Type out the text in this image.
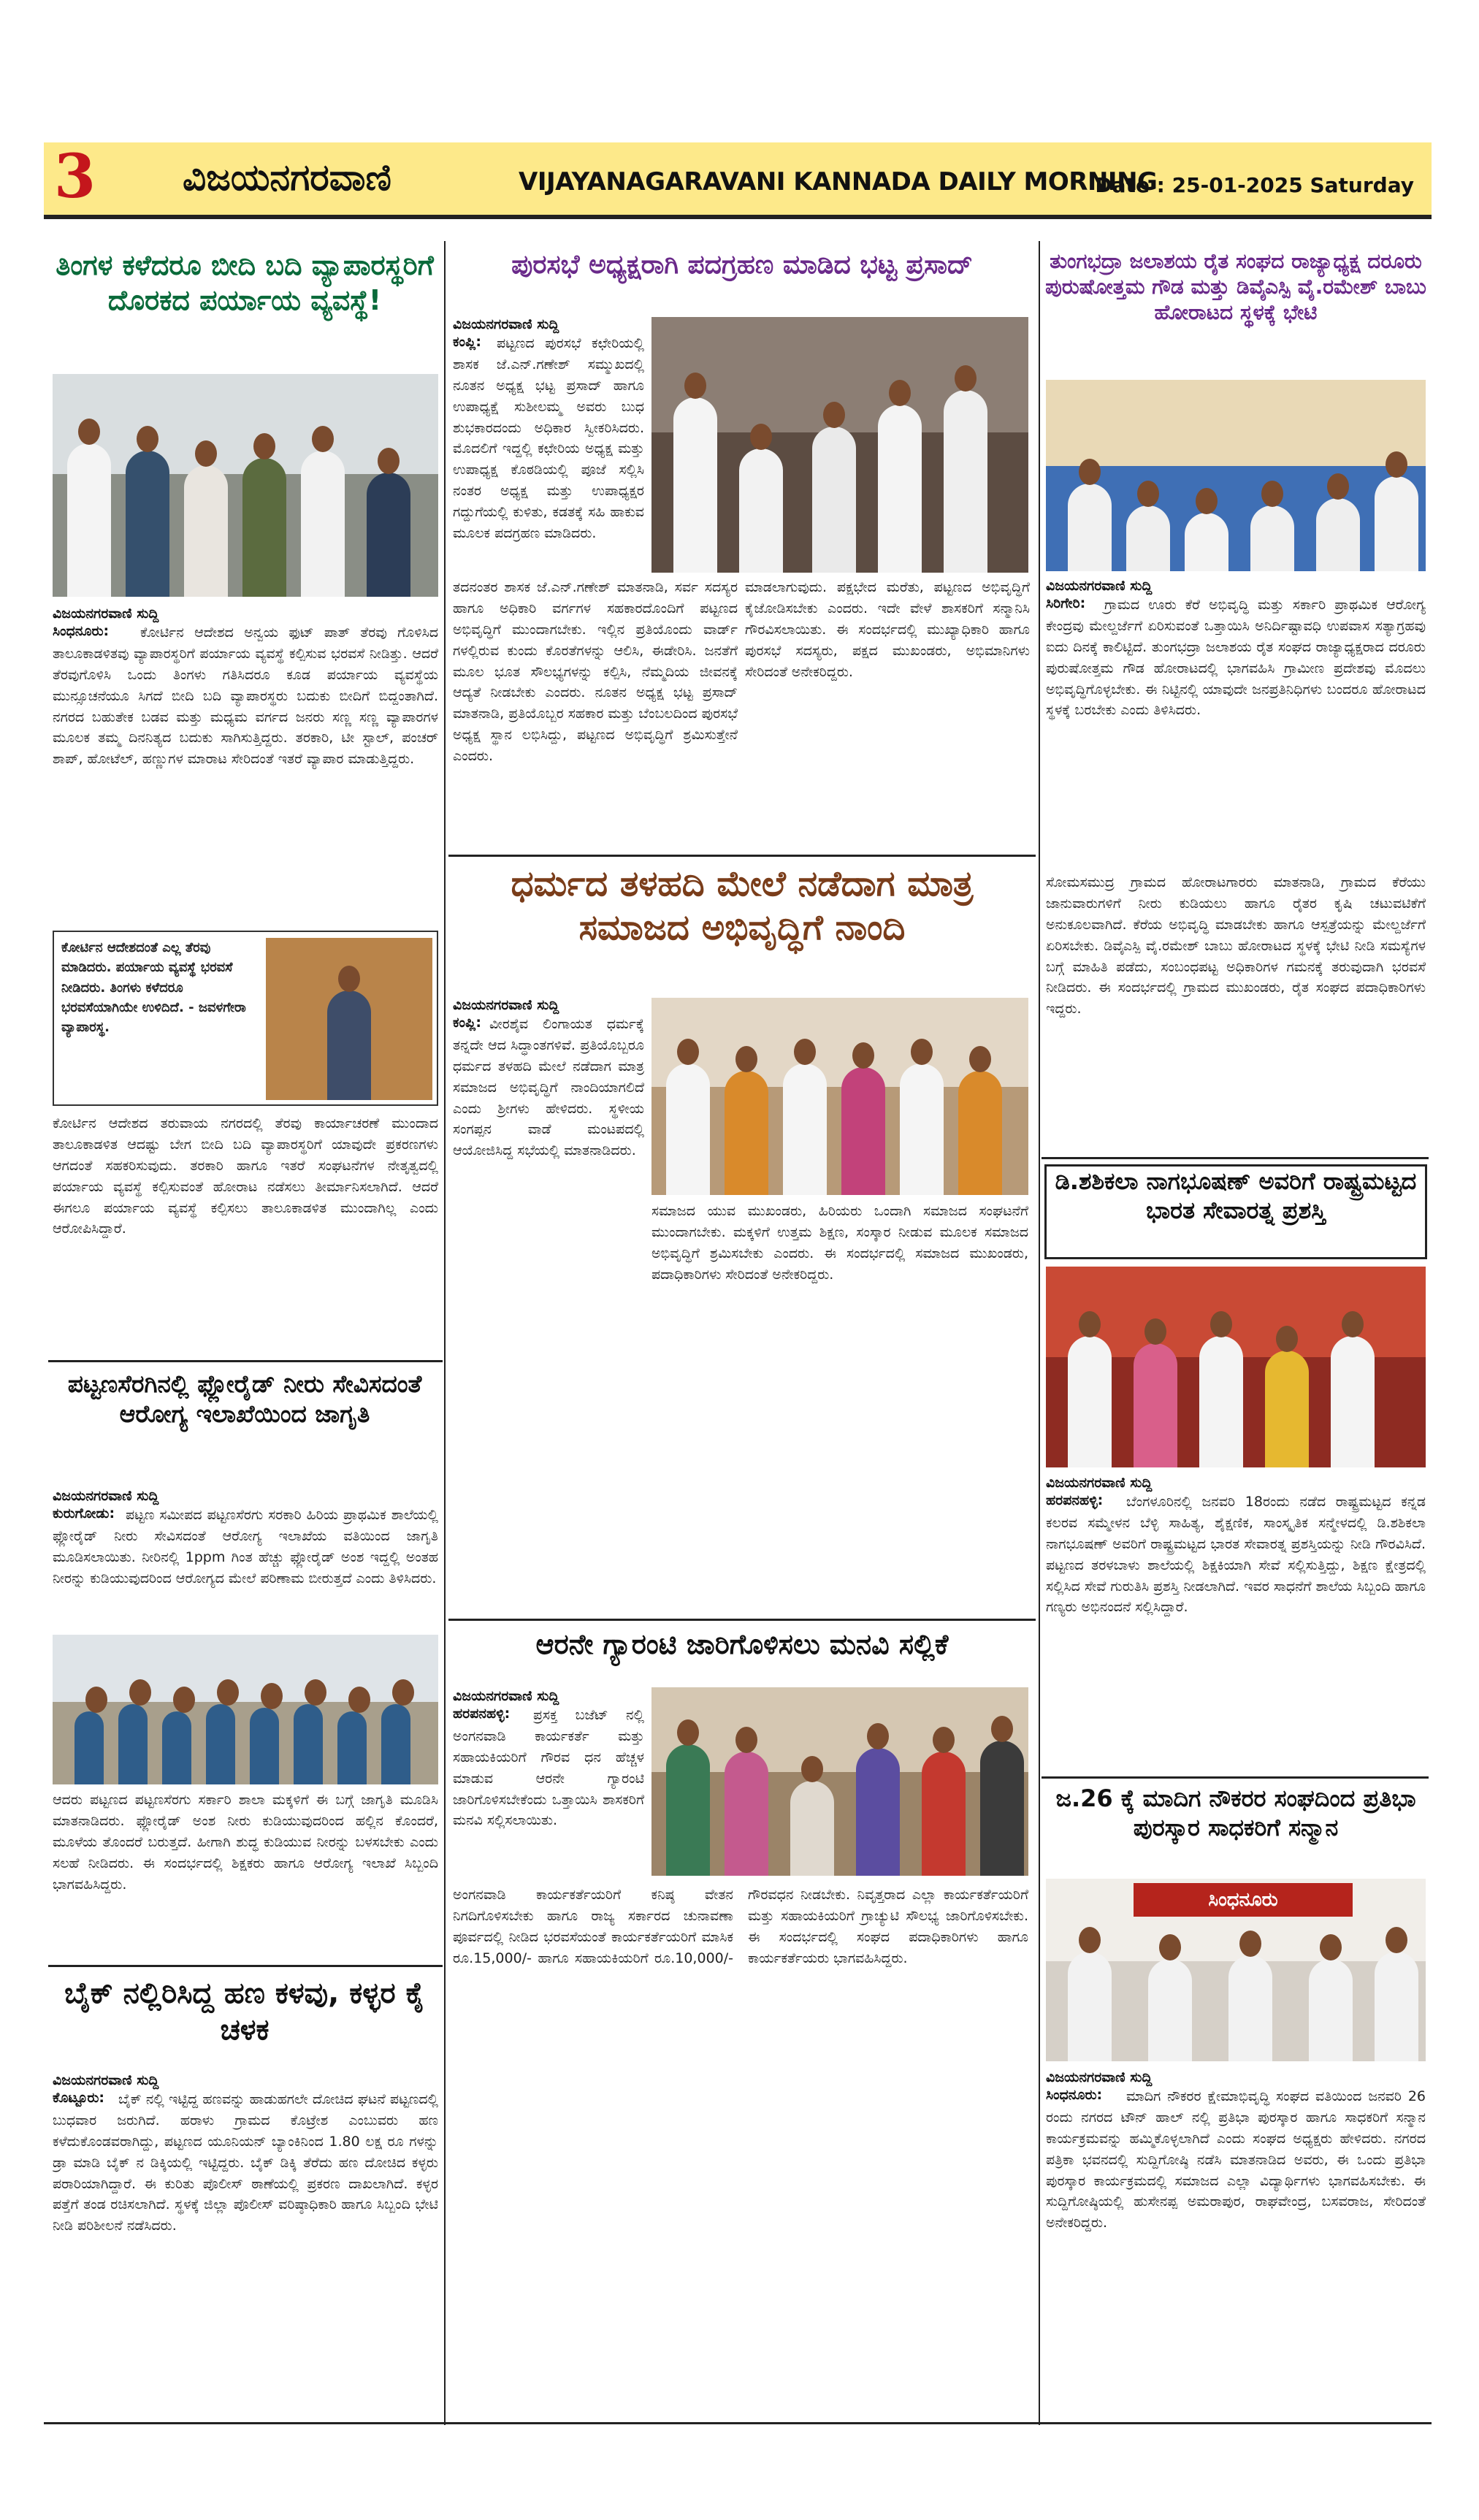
3 ವಿಜಯನಗರವಾಣಿ	VIJAYANAGARAVANI KANNADA DAILY MORNING
Date : 25-01-2025 Saturday
ತಿಂಗಳ ಕಳೆದರೂ ಬೀದಿ ಬದಿ ವ್ಯಾಪಾರಸ್ಥರಿಗೆ ದೊರಕದ ಪರ್ಯಾಯ ವ್ಯವಸ್ಥೆ!
ವಿಜಯನಗರವಾಣಿ ಸುದ್ದಿ
ಸಿಂಧನೂರು:	ಕೋರ್ಟಿನ ಆದೇಶದ ಅನ್ವಯ ಫುಟ್ ಪಾತ್ ತೆರವು ಗೊಳಿಸಿದ ತಾಲೂಕಾಡಳಿತವು ವ್ಯಾಪಾರಸ್ಥರಿಗೆ ಪರ್ಯಾಯ ವ್ಯವಸ್ಥೆ ಕಲ್ಪಿಸುವ ಭರವಸೆ ನೀಡಿತ್ತು. ಆದರೆ ತೆರವುಗೊಳಿಸಿ ಒಂದು ತಿಂಗಳು ಗತಿಸಿದರೂ ಕೂಡ ಪರ್ಯಾಯ ವ್ಯವಸ್ಥೆಯ ಮುನ್ಸೂಚನೆಯೂ ಸಿಗದೆ ಬೀದಿ ಬದಿ ವ್ಯಾಪಾರಸ್ಥರು ಬದುಕು ಬೀದಿಗೆ ಬಿದ್ದಂತಾಗಿದೆ. ನಗರದ ಬಹುತೇಕ ಬಡವ ಮತ್ತು ಮಧ್ಯಮ ವರ್ಗದ ಜನರು ಸಣ್ಣ ಸಣ್ಣ ವ್ಯಾಪಾರಗಳ ಮೂಲಕ ತಮ್ಮ ದಿನನಿತ್ಯದ ಬದುಕು ಸಾಗಿಸುತ್ತಿದ್ದರು. ತರಕಾರಿ, ಟೀ ಸ್ಟಾಲ್, ಪಂಚರ್ ಶಾಪ್, ಹೋಟೆಲ್, ಹಣ್ಣುಗಳ ಮಾರಾಟ ಸೇರಿದಂತೆ ಇತರೆ ವ್ಯಾಪಾರ ಮಾಡುತ್ತಿದ್ದರು.
ಕೋರ್ಟಿನ ಆದೇಶದಂತೆ ಎಲ್ಲ ತೆರವು ಮಾಡಿದರು. ಪರ್ಯಾಯ ವ್ಯವಸ್ಥೆ ಭರವಸೆ ನೀಡಿದರು. ತಿಂಗಳು ಕಳೆದರೂ ಭರವಸೆಯಾಗಿಯೇ ಉಳಿದಿದೆ. - ಜವಳಗೇರಾ ವ್ಯಾಪಾರಸ್ಥ.
ಕೋರ್ಟಿನ ಆದೇಶದ ತರುವಾಯ ನಗರದಲ್ಲಿ ತೆರವು ಕಾರ್ಯಾಚರಣೆ ಮುಂದಾದ ತಾಲೂಕಾಡಳಿತ ಆದಷ್ಟು ಬೇಗ ಬೀದಿ ಬದಿ ವ್ಯಾಪಾರಸ್ಥರಿಗೆ ಯಾವುದೇ ಪ್ರಕರಣಗಳು ಆಗದಂತೆ ಸಹಕರಿಸುವುದು. ತರಕಾರಿ ಹಾಗೂ ಇತರೆ ಸಂಘಟನೆಗಳ ನೇತೃತ್ವದಲ್ಲಿ ಪರ್ಯಾಯ ವ್ಯವಸ್ಥೆ ಕಲ್ಪಿಸುವಂತೆ ಹೋರಾಟ ನಡೆಸಲು ತೀರ್ಮಾನಿಸಲಾಗಿದೆ. ಆದರೆ ಈಗಲೂ ಪರ್ಯಾಯ ವ್ಯವಸ್ಥೆ ಕಲ್ಪಿಸಲು ತಾಲೂಕಾಡಳಿತ ಮುಂದಾಗಿಲ್ಲ ಎಂದು ಆರೋಪಿಸಿದ್ದಾರೆ.
ಪಟ್ಟಣಸೆರಗಿನಲ್ಲಿ ಫ್ಲೋರೈಡ್ ನೀರು ಸೇವಿಸದಂತೆ ಆರೋಗ್ಯ ಇಲಾಖೆಯಿಂದ ಜಾಗೃತಿ
ವಿಜಯನಗರವಾಣಿ ಸುದ್ದಿ
ಕುರುಗೋಡು: ಪಟ್ಟಣ ಸಮೀಪದ ಪಟ್ಟಣಸೆರಗು ಸರಕಾರಿ ಹಿರಿಯ ಪ್ರಾಥಮಿಕ ಶಾಲೆಯಲ್ಲಿ ಫ್ಲೋರೈಡ್ ನೀರು ಸೇವಿಸದಂತೆ ಆರೋಗ್ಯ ಇಲಾಖೆಯ ವತಿಯಿಂದ ಜಾಗೃತಿ ಮೂಡಿಸಲಾಯಿತು. ನೀರಿನಲ್ಲಿ 1ppm ಗಿಂತ ಹೆಚ್ಚು ಫ್ಲೋರೈಡ್ ಅಂಶ ಇದ್ದಲ್ಲಿ ಅಂತಹ ನೀರನ್ನು ಕುಡಿಯುವುದರಿಂದ ಆರೋಗ್ಯದ ಮೇಲೆ ಪರಿಣಾಮ ಬೀರುತ್ತದೆ ಎಂದು ತಿಳಿಸಿದರು.
ಆದರು ಪಟ್ಟಣದ ಪಟ್ಟಣಸೆರಗು ಸರ್ಕಾರಿ ಶಾಲಾ ಮಕ್ಕಳಿಗೆ ಈ ಬಗ್ಗೆ ಜಾಗೃತಿ ಮೂಡಿಸಿ ಮಾತನಾಡಿದರು. ಫ್ಲೋರೈಡ್ ಅಂಶ ನೀರು ಕುಡಿಯುವುದರಿಂದ ಹಲ್ಲಿನ ಕೊಂದರೆ, ಮೂಳೆಯ ತೊಂದರೆ ಬರುತ್ತದೆ. ಹೀಗಾಗಿ ಶುದ್ಧ ಕುಡಿಯುವ ನೀರನ್ನು ಬಳಸಬೇಕು ಎಂದು ಸಲಹೆ ನೀಡಿದರು. ಈ ಸಂದರ್ಭದಲ್ಲಿ ಶಿಕ್ಷಕರು ಹಾಗೂ ಆರೋಗ್ಯ ಇಲಾಖೆ ಸಿಬ್ಬಂದಿ ಭಾಗವಹಿಸಿದ್ದರು.
ಬೈಕ್ ನಲ್ಲಿರಿಸಿದ್ದ ಹಣ ಕಳವು, ಕಳ್ಳರ ಕೈ ಚಳಕ
ವಿಜಯನಗರವಾಣಿ ಸುದ್ದಿ
ಕೊಟ್ಟೂರು: ಬೈಕ್ ನಲ್ಲಿ ಇಟ್ಟಿದ್ದ ಹಣವನ್ನು ಹಾಡುಹಗಲೇ ದೋಚಿದ ಘಟನೆ ಪಟ್ಟಣದಲ್ಲಿ ಬುಧವಾರ ಜರುಗಿದೆ. ಹರಾಳು ಗ್ರಾಮದ ಕೊಟ್ರೇಶ ಎಂಬುವರು ಹಣ ಕಳೆದುಕೊಂಡವರಾಗಿದ್ದು, ಪಟ್ಟಣದ ಯೂನಿಯನ್ ಬ್ಯಾಂಕಿನಿಂದ 1.80 ಲಕ್ಷ ರೂ ಗಳನ್ನು ಡ್ರಾ ಮಾಡಿ ಬೈಕ್ ನ ಡಿಕ್ಕಿಯಲ್ಲಿ ಇಟ್ಟಿದ್ದರು. ಬೈಕ್ ಡಿಕ್ಕಿ ತೆರೆದು ಹಣ ದೋಚಿದ ಕಳ್ಳರು ಪರಾರಿಯಾಗಿದ್ದಾರೆ. ಈ ಕುರಿತು ಪೊಲೀಸ್ ಠಾಣೆಯಲ್ಲಿ ಪ್ರಕರಣ ದಾಖಲಾಗಿದೆ. ಕಳ್ಳರ ಪತ್ತೆಗೆ ತಂಡ ರಚಿಸಲಾಗಿದೆ. ಸ್ಥಳಕ್ಕೆ ಜಿಲ್ಲಾ ಪೊಲೀಸ್ ವರಿಷ್ಠಾಧಿಕಾರಿ ಹಾಗೂ ಸಿಬ್ಬಂದಿ ಭೇಟಿ ನೀಡಿ ಪರಿಶೀಲನೆ ನಡೆಸಿದರು.
ಪುರಸಭೆ ಅಧ್ಯಕ್ಷರಾಗಿ ಪದಗ್ರಹಣ ಮಾಡಿದ ಭಟ್ಟ ಪ್ರಸಾದ್
ವಿಜಯನಗರವಾಣಿ ಸುದ್ದಿ
ಕಂಪ್ಲಿ:	ಪಟ್ಟಣದ ಪುರಸಭೆ ಕಛೇರಿಯಲ್ಲಿ ಶಾಸಕ ಜೆ.ಎನ್.ಗಣೇಶ್ ಸಮ್ಮುಖದಲ್ಲಿ ನೂತನ ಅಧ್ಯಕ್ಷ ಭಟ್ಟ ಪ್ರಸಾದ್ ಹಾಗೂ ಉಪಾಧ್ಯಕ್ಷೆ ಸುಶೀಲಮ್ಮ ಅವರು ಬುಧ ಶುಭಕಾರದಂದು ಅಧಿಕಾರ ಸ್ವೀಕರಿಸಿದರು. ಮೊದಲಿಗೆ ಇದ್ದಲ್ಲಿ ಕಛೇರಿಯ ಅಧ್ಯಕ್ಷ ಮತ್ತು ಉಪಾಧ್ಯಕ್ಷ ಕೊಠಡಿಯಲ್ಲಿ ಪೂಜೆ ಸಲ್ಲಿಸಿ ನಂತರ ಅಧ್ಯಕ್ಷ ಮತ್ತು ಉಪಾಧ್ಯಕ್ಷರ ಗದ್ದುಗೆಯಲ್ಲಿ ಕುಳಿತು, ಕಡತಕ್ಕೆ ಸಹಿ ಹಾಕುವ ಮೂಲಕ ಪದಗ್ರಹಣ ಮಾಡಿದರು.
ತದನಂತರ ಶಾಸಕ ಜೆ.ಎನ್.ಗಣೇಶ್ ಮಾತನಾಡಿ, ಸರ್ವ ಸದಸ್ಯರ ಹಾಗೂ ಅಧಿಕಾರಿ ವರ್ಗಗಳ ಸಹಕಾರದೊಂದಿಗೆ ಪಟ್ಟಣದ ಅಭಿವೃದ್ಧಿಗೆ ಮುಂದಾಗಬೇಕು. ಇಲ್ಲಿನ ಪ್ರತಿಯೊಂದು ವಾರ್ಡ್ ಗಳಲ್ಲಿರುವ ಕುಂದು ಕೊರತೆಗಳನ್ನು ಆಲಿಸಿ, ಈಡೇರಿಸಿ. ಜನತೆಗೆ ಮೂಲ ಭೂತ ಸೌಲಭ್ಯಗಳನ್ನು ಕಲ್ಪಿಸಿ, ನೆಮ್ಮದಿಯ ಜೀವನಕ್ಕೆ ಆದ್ಯತೆ ನೀಡಬೇಕು ಎಂದರು. ನೂತನ ಅಧ್ಯಕ್ಷ ಭಟ್ಟ ಪ್ರಸಾದ್ ಮಾತನಾಡಿ, ಪ್ರತಿಯೊಬ್ಬರ ಸಹಕಾರ ಮತ್ತು ಬೆಂಬಲದಿಂದ ಪುರಸಭೆ ಅಧ್ಯಕ್ಷ ಸ್ಥಾನ ಲಭಿಸಿದ್ದು, ಪಟ್ಟಣದ ಅಭಿವೃದ್ಧಿಗೆ ಶ್ರಮಿಸುತ್ತೇನೆ ಎಂದರು.
ಮಾಡಲಾಗುವುದು. ಪಕ್ಷಭೇದ ಮರೆತು, ಪಟ್ಟಣದ ಅಭಿವೃದ್ಧಿಗೆ ಕೈಜೋಡಿಸಬೇಕು ಎಂದರು. ಇದೇ ವೇಳೆ ಶಾಸಕರಿಗೆ ಸನ್ಮಾನಿಸಿ ಗೌರವಿಸಲಾಯಿತು. ಈ ಸಂದರ್ಭದಲ್ಲಿ ಮುಖ್ಯಾಧಿಕಾರಿ ಹಾಗೂ ಪುರಸಭೆ ಸದಸ್ಯರು, ಪಕ್ಷದ ಮುಖಂಡರು, ಅಭಿಮಾನಿಗಳು ಸೇರಿದಂತೆ ಅನೇಕರಿದ್ದರು.
ಧರ್ಮದ ತಳಹದಿ ಮೇಲೆ ನಡೆದಾಗ ಮಾತ್ರ ಸಮಾಜದ ಅಭಿವೃದ್ಧಿಗೆ ನಾಂದಿ
ವಿಜಯನಗರವಾಣಿ ಸುದ್ದಿ
ಕಂಪ್ಲಿ: ವೀರಶೈವ ಲಿಂಗಾಯತ ಧರ್ಮಕ್ಕೆ ತನ್ನದೇ ಆದ ಸಿದ್ಧಾಂತಗಳಿವೆ. ಪ್ರತಿಯೊಬ್ಬರೂ ಧರ್ಮದ ತಳಹದಿ ಮೇಲೆ ನಡೆದಾಗ ಮಾತ್ರ ಸಮಾಜದ ಅಭಿವೃದ್ಧಿಗೆ ನಾಂದಿಯಾಗಲಿದೆ ಎಂದು ಶ್ರೀಗಳು ಹೇಳಿದರು. ಸ್ಥಳೀಯ ಸಂಗಪ್ಪನ ವಾಡೆ ಮಂಟಪದಲ್ಲಿ ಆಯೋಜಿಸಿದ್ದ ಸಭೆಯಲ್ಲಿ ಮಾತನಾಡಿದರು.
ಸಮಾಜದ ಯುವ ಮುಖಂಡರು, ಹಿರಿಯರು ಒಂದಾಗಿ ಸಮಾಜದ ಸಂಘಟನೆಗೆ ಮುಂದಾಗಬೇಕು. ಮಕ್ಕಳಿಗೆ ಉತ್ತಮ ಶಿಕ್ಷಣ, ಸಂಸ್ಕಾರ ನೀಡುವ ಮೂಲಕ ಸಮಾಜದ ಅಭಿವೃದ್ಧಿಗೆ ಶ್ರಮಿಸಬೇಕು ಎಂದರು. ಈ ಸಂದರ್ಭದಲ್ಲಿ ಸಮಾಜದ ಮುಖಂಡರು, ಪದಾಧಿಕಾರಿಗಳು ಸೇರಿದಂತೆ ಅನೇಕರಿದ್ದರು.
ಆರನೇ ಗ್ಯಾರಂಟಿ ಜಾರಿಗೊಳಿಸಲು ಮನವಿ ಸಲ್ಲಿಕೆ
ವಿಜಯನಗರವಾಣಿ ಸುದ್ದಿ
ಹರಪನಹಳ್ಳಿ:	ಪ್ರಸಕ್ತ ಬಜೆಟ್ ನಲ್ಲಿ ಅಂಗನವಾಡಿ ಕಾರ್ಯಕರ್ತೆ ಮತ್ತು ಸಹಾಯಕಿಯರಿಗೆ ಗೌರವ ಧನ ಹೆಚ್ಚಳ ಮಾಡುವ ಆರನೇ ಗ್ಯಾರಂಟಿ ಜಾರಿಗೊಳಿಸಬೇಕೆಂದು ಒತ್ತಾಯಿಸಿ ಶಾಸಕರಿಗೆ ಮನವಿ ಸಲ್ಲಿಸಲಾಯಿತು.
ಅಂಗನವಾಡಿ ಕಾರ್ಯಕರ್ತೆಯರಿಗೆ ಕನಿಷ್ಠ ವೇತನ ನಿಗದಿಗೊಳಿಸಬೇಕು ಹಾಗೂ ರಾಜ್ಯ ಸರ್ಕಾರದ ಚುನಾವಣಾ ಪೂರ್ವದಲ್ಲಿ ನೀಡಿದ ಭರವಸೆಯಂತೆ ಕಾರ್ಯಕರ್ತೆಯರಿಗೆ ಮಾಸಿಕ ರೂ.15,000/- ಹಾಗೂ ಸಹಾಯಕಿಯರಿಗೆ ರೂ.10,000/- ಗೌರವಧನ ನೀಡಬೇಕು. ನಿವೃತ್ತರಾದ ಎಲ್ಲಾ ಕಾರ್ಯಕರ್ತೆಯರಿಗೆ ಮತ್ತು ಸಹಾಯಕಿಯರಿಗೆ ಗ್ರಾಚ್ಯುಟಿ ಸೌಲಭ್ಯ ಜಾರಿಗೊಳಿಸಬೇಕು. ಈ ಸಂದರ್ಭದಲ್ಲಿ ಸಂಘದ ಪದಾಧಿಕಾರಿಗಳು ಹಾಗೂ ಕಾರ್ಯಕರ್ತೆಯರು ಭಾಗವಹಿಸಿದ್ದರು.
ತುಂಗಭದ್ರಾ ಜಲಾಶಯ ರೈತ ಸಂಘದ ರಾಜ್ಯಾಧ್ಯಕ್ಷ ದರೂರು ಪುರುಷೋತ್ತಮ ಗೌಡ ಮತ್ತು ಡಿವೈಎಸ್ಪಿ ವೈ.ರಮೇಶ್ ಬಾಬು ಹೋರಾಟದ ಸ್ಥಳಕ್ಕೆ ಭೇಟಿ
ವಿಜಯನಗರವಾಣಿ ಸುದ್ದಿ
ಸಿರಿಗೇರಿ:	ಗ್ರಾಮದ ಊರು ಕೆರೆ ಅಭಿವೃದ್ಧಿ ಮತ್ತು ಸರ್ಕಾರಿ ಪ್ರಾಥಮಿಕ ಆರೋಗ್ಯ ಕೇಂದ್ರವು ಮೇಲ್ದರ್ಜೆಗೆ ಏರಿಸುವಂತೆ ಒತ್ತಾಯಿಸಿ ಅನಿರ್ದಿಷ್ಟಾವಧಿ ಉಪವಾಸ ಸತ್ಯಾಗ್ರಹವು ಐದು ದಿನಕ್ಕೆ ಕಾಲಿಟ್ಟಿದೆ. ತುಂಗಭದ್ರಾ ಜಲಾಶಯ ರೈತ ಸಂಘದ ರಾಜ್ಯಾಧ್ಯಕ್ಷರಾದ ದರೂರು ಪುರುಷೋತ್ತಮ ಗೌಡ ಹೋರಾಟದಲ್ಲಿ ಭಾಗವಹಿಸಿ ಗ್ರಾಮೀಣ ಪ್ರದೇಶವು ಮೊದಲು ಅಭಿವೃದ್ಧಿಗೊಳ್ಳಬೇಕು. ಈ ನಿಟ್ಟಿನಲ್ಲಿ ಯಾವುದೇ ಜನಪ್ರತಿನಿಧಿಗಳು ಬಂದರೂ ಹೋರಾಟದ ಸ್ಥಳಕ್ಕೆ ಬರಬೇಕು ಎಂದು ತಿಳಿಸಿದರು.
ಸೋಮಸಮುದ್ರ ಗ್ರಾಮದ ಹೋರಾಟಗಾರರು ಮಾತನಾಡಿ, ಗ್ರಾಮದ ಕೆರೆಯು ಜಾನುವಾರುಗಳಿಗೆ ನೀರು ಕುಡಿಯಲು ಹಾಗೂ ರೈತರ ಕೃಷಿ ಚಟುವಟಿಕೆಗೆ ಅನುಕೂಲವಾಗಿದೆ. ಕೆರೆಯ ಅಭಿವೃದ್ಧಿ ಮಾಡಬೇಕು ಹಾಗೂ ಆಸ್ಪತ್ರೆಯನ್ನು ಮೇಲ್ದರ್ಜೆಗೆ ಏರಿಸಬೇಕು. ಡಿವೈಎಸ್ಪಿ ವೈ.ರಮೇಶ್ ಬಾಬು ಹೋರಾಟದ ಸ್ಥಳಕ್ಕೆ ಭೇಟಿ ನೀಡಿ ಸಮಸ್ಯೆಗಳ ಬಗ್ಗೆ ಮಾಹಿತಿ ಪಡೆದು, ಸಂಬಂಧಪಟ್ಟ ಅಧಿಕಾರಿಗಳ ಗಮನಕ್ಕೆ ತರುವುದಾಗಿ ಭರವಸೆ ನೀಡಿದರು. ಈ ಸಂದರ್ಭದಲ್ಲಿ ಗ್ರಾಮದ ಮುಖಂಡರು, ರೈತ ಸಂಘದ ಪದಾಧಿಕಾರಿಗಳು ಇದ್ದರು.
ಡಿ.ಶಶಿಕಲಾ ನಾಗಭೂಷಣ್ ಅವರಿಗೆ ರಾಷ್ಟ್ರಮಟ್ಟದ ಭಾರತ ಸೇವಾರತ್ನ ಪ್ರಶಸ್ತಿ
ವಿಜಯನಗರವಾಣಿ ಸುದ್ದಿ
ಹರಪನಹಳ್ಳಿ:	ಬೆಂಗಳೂರಿನಲ್ಲಿ ಜನವರಿ 18ರಂದು ನಡೆದ ರಾಷ್ಟ್ರಮಟ್ಟದ ಕನ್ನಡ ಕಲರವ ಸಮ್ಮೇಳನ ಬೆಳ್ಳಿ ಸಾಹಿತ್ಯ, ಶೈಕ್ಷಣಿಕ, ಸಾಂಸ್ಕೃತಿಕ ಸನ್ಮೇಳದಲ್ಲಿ ಡಿ.ಶಶಿಕಲಾ ನಾಗಭೂಷಣ್ ಅವರಿಗೆ ರಾಷ್ಟ್ರಮಟ್ಟದ ಭಾರತ ಸೇವಾರತ್ನ ಪ್ರಶಸ್ತಿಯನ್ನು ನೀಡಿ ಗೌರವಿಸಿದೆ. ಪಟ್ಟಣದ ತರಳಬಾಳು ಶಾಲೆಯಲ್ಲಿ ಶಿಕ್ಷಕಿಯಾಗಿ ಸೇವೆ ಸಲ್ಲಿಸುತ್ತಿದ್ದು, ಶಿಕ್ಷಣ ಕ್ಷೇತ್ರದಲ್ಲಿ ಸಲ್ಲಿಸಿದ ಸೇವೆ ಗುರುತಿಸಿ ಪ್ರಶಸ್ತಿ ನೀಡಲಾಗಿದೆ. ಇವರ ಸಾಧನೆಗೆ ಶಾಲೆಯ ಸಿಬ್ಬಂದಿ ಹಾಗೂ ಗಣ್ಯರು ಅಭಿನಂದನೆ ಸಲ್ಲಿಸಿದ್ದಾರೆ.
ಜ.26 ಕ್ಕೆ ಮಾದಿಗ ನೌಕರರ ಸಂಘದಿಂದ ಪ್ರತಿಭಾ ಪುರಸ್ಕಾರ ಸಾಧಕರಿಗೆ ಸನ್ಮಾನ
ಸಿಂಧನೂರು
ವಿಜಯನಗರವಾಣಿ ಸುದ್ದಿ
ಸಿಂಧನೂರು:	ಮಾದಿಗ ನೌಕರರ ಕ್ಷೇಮಾಭಿವೃದ್ಧಿ ಸಂಘದ ವತಿಯಿಂದ ಜನವರಿ 26 ರಂದು ನಗರದ ಟೌನ್ ಹಾಲ್ ನಲ್ಲಿ ಪ್ರತಿಭಾ ಪುರಸ್ಕಾರ ಹಾಗೂ ಸಾಧಕರಿಗೆ ಸನ್ಮಾನ ಕಾರ್ಯಕ್ರಮವನ್ನು ಹಮ್ಮಿಕೊಳ್ಳಲಾಗಿದೆ ಎಂದು ಸಂಘದ ಅಧ್ಯಕ್ಷರು ಹೇಳಿದರು. ನಗರದ ಪತ್ರಿಕಾ ಭವನದಲ್ಲಿ ಸುದ್ದಿಗೋಷ್ಠಿ ನಡೆಸಿ ಮಾತನಾಡಿದ ಅವರು, ಈ ಒಂದು ಪ್ರತಿಭಾ ಪುರಸ್ಕಾರ ಕಾರ್ಯಕ್ರಮದಲ್ಲಿ ಸಮಾಜದ ಎಲ್ಲಾ ವಿದ್ಯಾರ್ಥಿಗಳು ಭಾಗವಹಿಸಬೇಕು. ಈ ಸುದ್ದಿಗೋಷ್ಠಿಯಲ್ಲಿ ಹುಸೇನಪ್ಪ ಅಮರಾಪುರ, ರಾಘವೇಂದ್ರ, ಬಸವರಾಜ, ಸೇರಿದಂತೆ ಅನೇಕರಿದ್ದರು.
